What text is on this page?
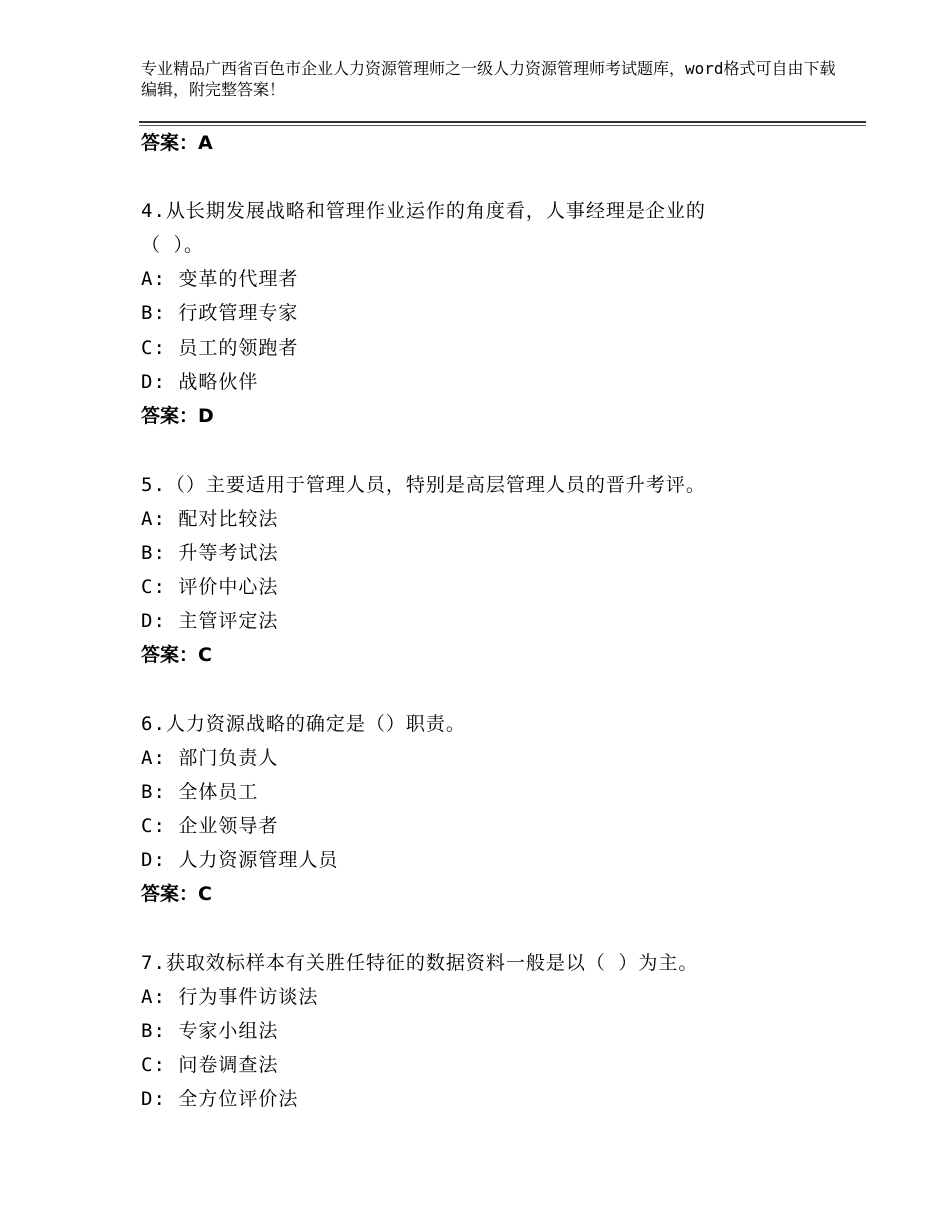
专业精品广西省百色市企业人力资源管理师之一级人力资源管理师考试题库，word格式可自由下载编辑，附完整答案！
答案：A
4.从长期发展战略和管理作业运作的角度看，人事经理是企业的
（ ）。
A: 变革的代理者
B: 行政管理专家
C: 员工的领跑者
D: 战略伙伴
答案：D
5.（）主要适用于管理人员，特别是高层管理人员的晋升考评。
A: 配对比较法
B: 升等考试法
C: 评价中心法
D: 主管评定法
答案：C
6.人力资源战略的确定是（）职责。
A: 部门负责人
B: 全体员工
C: 企业领导者
D: 人力资源管理人员
答案：C
7.获取效标样本有关胜任特征的数据资料一般是以（ ）为主。
A: 行为事件访谈法
B: 专家小组法
C: 问卷调查法
D: 全方位评价法
